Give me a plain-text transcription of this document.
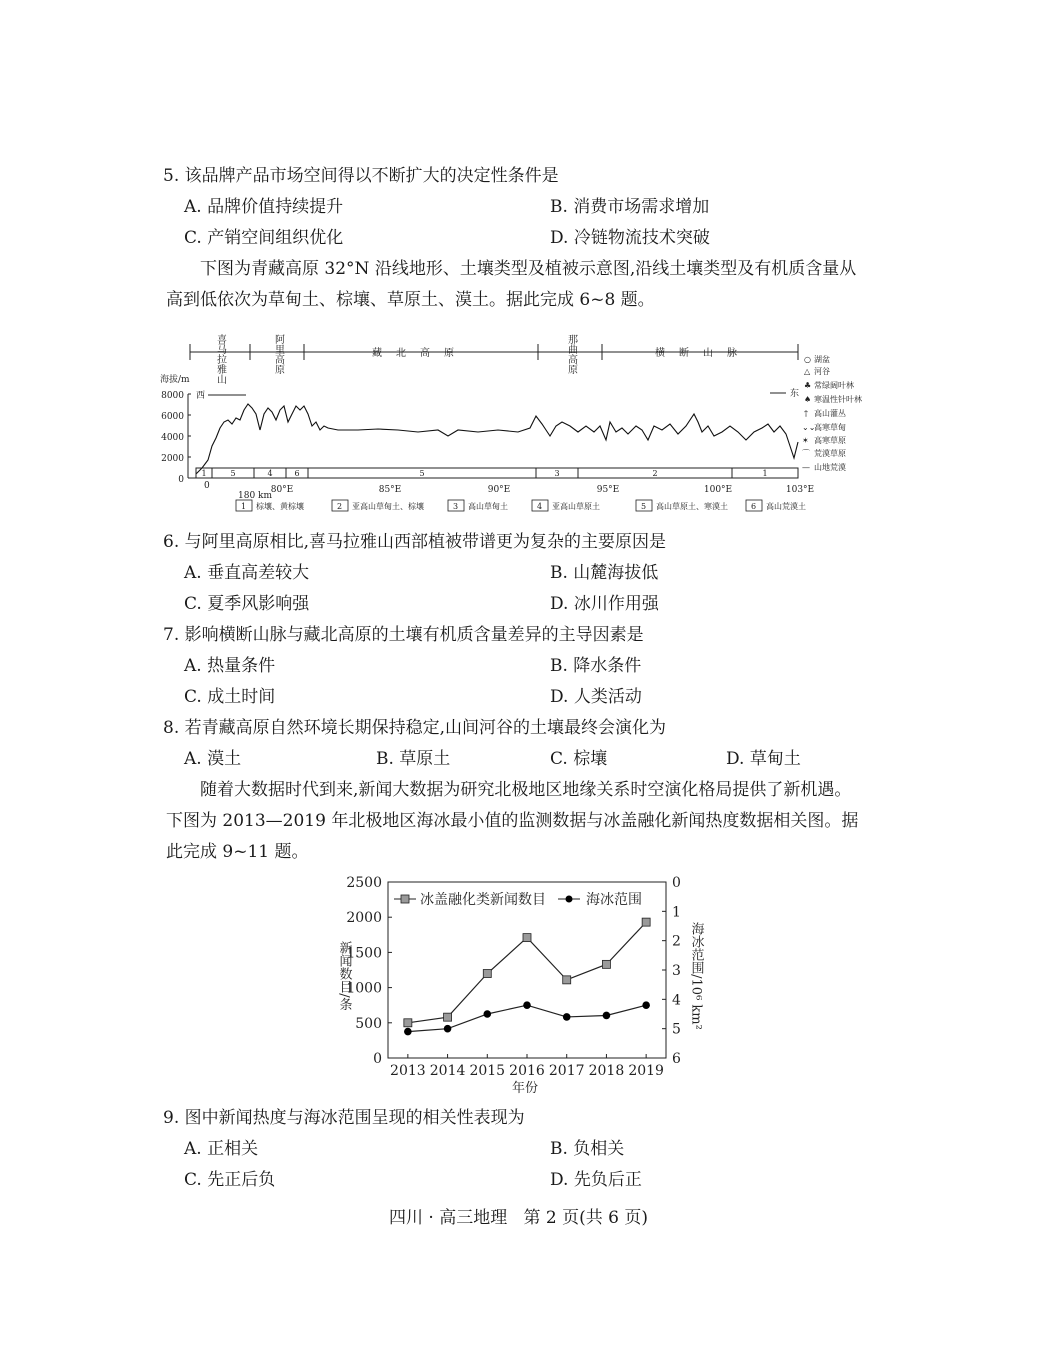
5. 该品牌产品市场空间得以不断扩大的决定性条件是
A. 品牌价值持续提升	B. 消费市场需求增加
C. 产销空间组织优化	D. 冷链物流技术突破
下图为青藏高原 32°N 沿线地形、土壤类型及植被示意图,沿线土壤类型及有机质含量从
高到低依次为草甸土、棕壤、草原土、漠土。据此完成 6~8 题。
喜马拉雅山	阿里高原	藏北高原	那曲高原	横断山脉
海拔/m
8000
6000
4000
2000
0
西	东
1	5	4	6	5	3	2	1
0
180 km
80°E	85°E	90°E	95°E	100°E	103°E
○ 湖盆
△ 河谷
♣ 常绿阔叶林
♠ 寒温性针叶林
† 高山灌丛
⌄⌄
高寒草甸
✶ 高寒草原
⌒ 荒漠草原
— 山地荒漠
1 棕壤、黄棕壤	2 亚高山草甸土、棕壤	3 高山草甸土	4 亚高山草原土	5 高山草原土、寒漠土	6 高山荒漠土
6. 与阿里高原相比,喜马拉雅山西部植被带谱更为复杂的主要原因是
A. 垂直高差较大	B. 山麓海拔低
C. 夏季风影响强	D. 冰川作用强
7. 影响横断山脉与藏北高原的土壤有机质含量差异的主导因素是
A. 热量条件	B. 降水条件
C. 成土时间	D. 人类活动
8. 若青藏高原自然环境长期保持稳定,山间河谷的土壤最终会演化为
A. 漠土	B. 草原土	C. 棕壤	D. 草甸土
随着大数据时代到来,新闻大数据为研究北极地区地缘关系时空演化格局提供了新机遇。
下图为 2013—2019 年北极地区海冰最小值的监测数据与冰盖融化新闻热度数据相关图。据
此完成 9~11 题。
0
500
1000
1500
2000
2500	0
1
2
3
4
5
6
2013 2014 2015 2016 2017 2018 2019
新闻数目/条	海冰范围/10⁶ km²
年份
冰盖融化类新闻数目	海冰范围
9. 图中新闻热度与海冰范围呈现的相关性表现为
A. 正相关	B. 负相关
C. 先正后负	D. 先负后正
四川 · 高三地理   第 2 页(共 6 页)
